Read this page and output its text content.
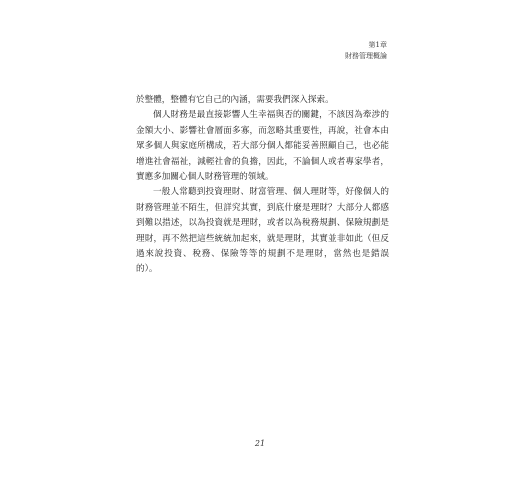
第1章
財務管理概論

於整體，整體有它自己的內涵，需要我們深入探索。

個人財務是最直接影響人生幸福與否的關鍵，不該因為牽涉的金額大小、影響社會層面多寡，而忽略其重要性，再說，社會本由眾多個人與家庭所構成，若大部分個人都能妥善照顧自己，也必能增進社會福祉，減輕社會的負擔，因此，不論個人或者專家學者，實應多加關心個人財務管理的領域。

一般人常聽到投資理財、財富管理、個人理財等，好像個人的財務管理並不陌生，但詳究其實，到底什麼是理財？大部分人都感到難以措述，以為投資就是理財，或者以為稅務規劃、保險規劃是理財，再不然把這些統統加起來，就是理財，其實並非如此（但反過來說投資、稅務、保險等等的規劃不是理財，當然也是錯誤的）。

21
